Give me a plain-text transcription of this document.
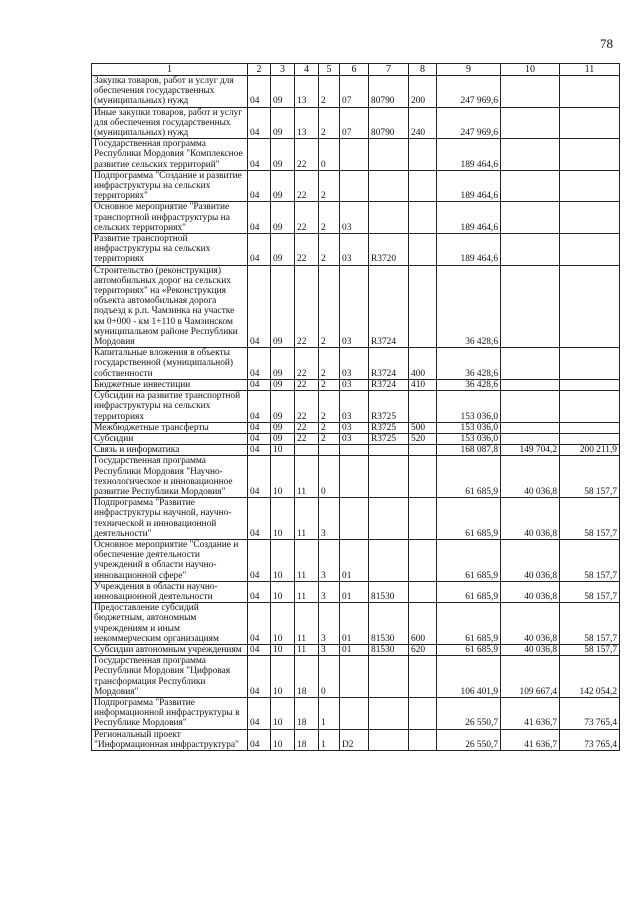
78
1	2	3	4	5	6	7	8	9	10	11
Закупка товаров, работ и услуг для обеспечения государственных (муниципальных) нужд	04	09	13	2	07	80790	200	247 969,6		
Иные закупки товаров, работ и услуг для обеспечения государственных (муниципальных) нужд	04	09	13	2	07	80790	240	247 969,6		
Государственная программа Республики Мордовия "Комплексное развитие сельских территорий"	04	09	22	0				189 464,6		
Подпрограмма "Создание и развитие инфраструктуры на сельских территориях"	04	09	22	2				189 464,6		
Основное мероприятие "Развитие транспортной инфраструктуры на сельских территориях"	04	09	22	2	03			189 464,6		
Развитие транспортной инфраструктуры на сельских территориях	04	09	22	2	03	R3720		189 464,6		
Строительство (реконструкция) автомобильных дорог на сельских территориях" на «Реконструкция объекта автомобильная дорога подъезд к р.п. Чамзинка на участке км 0+000 - км 1+110 в Чамзинском муниципальном районе Республики Мордовия	04	09	22	2	03	R3724		36 428,6		
Капитальные вложения в объекты государственной (муниципальной) собственности	04	09	22	2	03	R3724	400	36 428,6		
Бюджетные инвестиции	04	09	22	2	03	R3724	410	36 428,6		
Субсидии на развитие транспортной инфраструктуры на сельских территориях	04	09	22	2	03	R3725		153 036,0		
Межбюджетные трансферты	04	09	22	2	03	R3725	500	153 036,0		
Субсидии	04	09	22	2	03	R3725	520	153 036,0		
Связь и информатика	04	10						168 087,8	149 704,2	200 211,9
Государственная программа Республики Мордовия "Научно-технологическое и инновационное развитие Республики Мордовия"	04	10	11	0				61 685,9	40 036,8	58 157,7
Подпрограмма "Развитие инфраструктуры научной, научно-технической и инновационной деятельности"	04	10	11	3				61 685,9	40 036,8	58 157,7
Основное мероприятие "Создание и обеспечение деятельности учреждений в области научно-инновационной сфере"	04	10	11	3	01			61 685,9	40 036,8	58 157,7
Учреждения в области научно-инновационной деятельности	04	10	11	3	01	81530		61 685,9	40 036,8	58 157,7
Предоставление субсидий бюджетным, автономным учреждениям и иным некоммерческим организациям	04	10	11	3	01	81530	600	61 685,9	40 036,8	58 157,7
Субсидии автономным учреждениям	04	10	11	3	01	81530	620	61 685,9	40 036,8	58 157,7
Государственная программа Республики Мордовия "Цифровая трансформация Республики Мордовия"	04	10	18	0				106 401,9	109 667,4	142 054,2
Подпрограмма "Развитие информационной инфраструктуры в Республике Мордовия"	04	10	18	1				26 550,7	41 636,7	73 765,4
Региональный проект "Информационная инфраструктура"	04	10	18	1	D2			26 550,7	41 636,7	73 765,4
